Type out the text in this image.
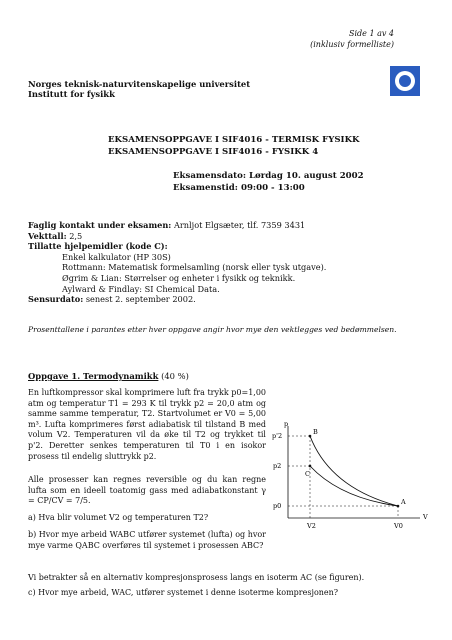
Side 1 av 4
(inklusiv formelliste)
Norges teknisk-naturvitenskapelige universitet
Institutt for fysikk
EKSAMENSOPPGAVE I SIF4016 - TERMISK FYSIKK
EKSAMENSOPPGAVE I SIF4016 - FYSIKK 4
Eksamensdato: Lørdag 10. august 2002
Eksamenstid: 09:00 - 13:00
Faglig kontakt under eksamen: Arnljot Elgsæter, tlf. 7359 3431
Vekttall: 2,5
Tillatte hjelpemidler (kode C):
Enkel kalkulator (HP 30S)
Rottmann: Matematisk formelsamling (norsk eller tysk utgave).
Øgrim & Lian: Størrelser og enheter i fysikk og teknikk.
Aylward & Findlay: SI Chemical Data.
Sensurdato: senest 2. september 2002.
Prosenttallene i parantes etter hver oppgave angir hvor mye den vektlegges ved bedømmelsen.
Oppgave 1. Termodynamikk (40 %)
En luftkompressor skal komprimere luft fra trykk p0=1,00 atm og temperatur T1 = 293 K til trykk p2 = 20,0 atm og samme samme temperatur, T2. Startvolumet er V0 = 5,00 m³. Lufta komprimeres først adiabatisk til tilstand B med volum V2. Temperaturen vil da øke til T2 og trykket til p'2. Deretter senkes temperaturen til T0 i en isokor prosess til endelig sluttrykk p2.
Alle prosesser kan regnes reversible og du kan regne lufta som en ideell toatomig gass med adiabatkonstant γ = CP/CV = 7/5.
a) Hva blir volumet V2 og temperaturen T2?
b) Hvor mye arbeid WABC utfører systemet (lufta) og hvor mye varme QABC overføres til systemet i prosessen ABC?
Vi betrakter så en alternativ kompresjonsprosess langs en isoterm AC (se figuren).
c) Hvor mye arbeid, WAC, utfører systemet i denne isoterme kompresjonen?
p
V
p'2
p2
p0
V2	V0
A
B
C
